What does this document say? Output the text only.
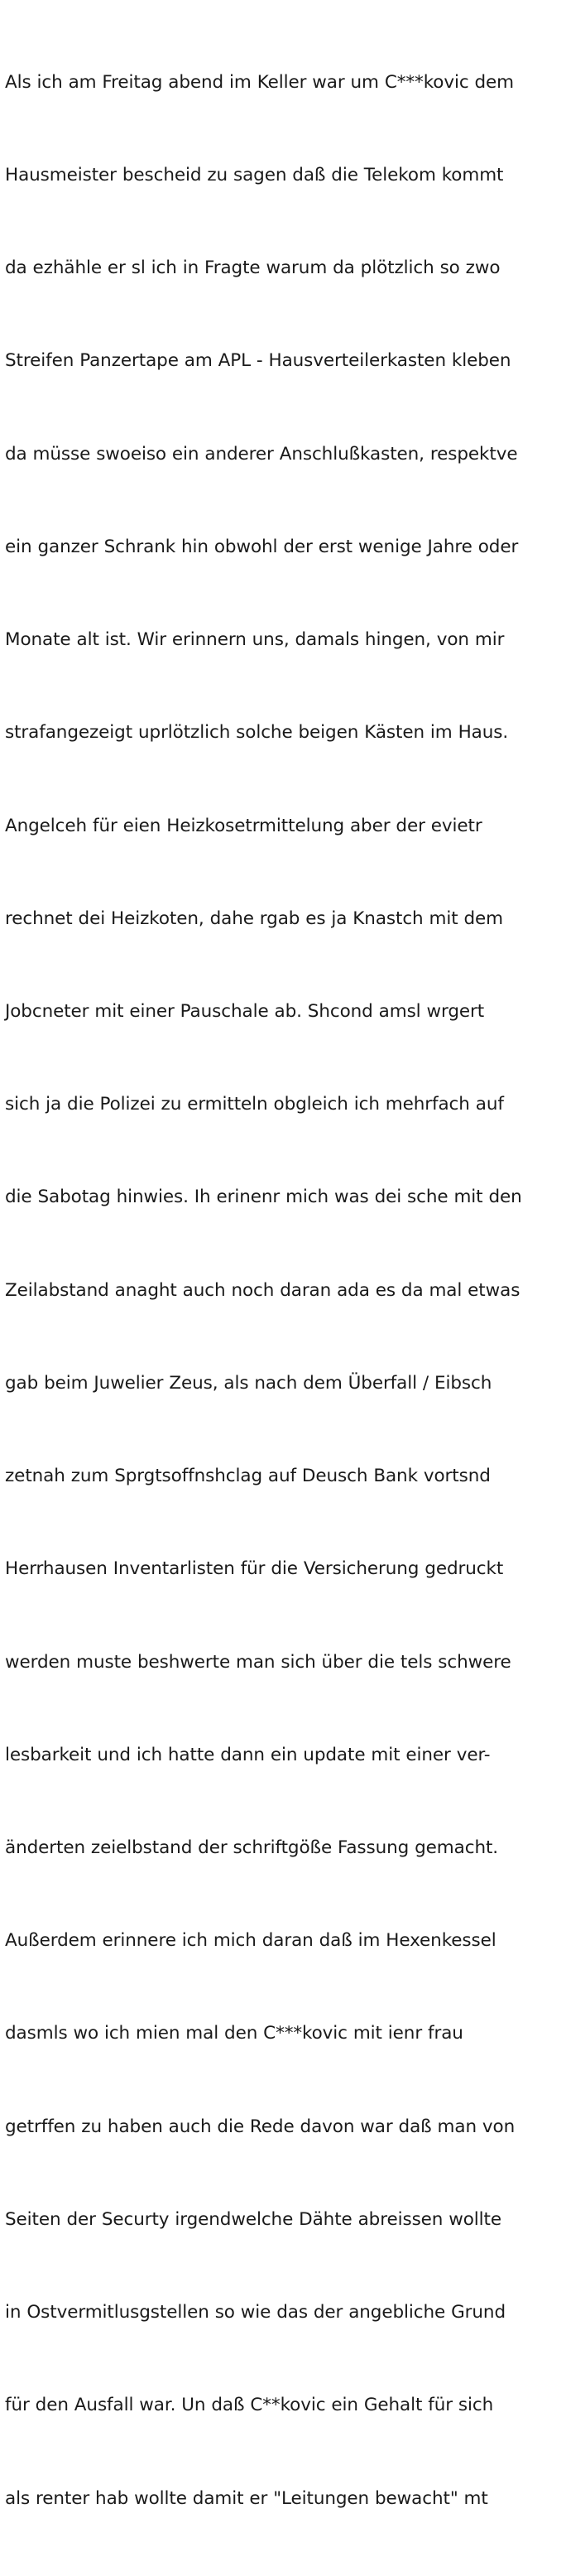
Als ich am Freitag abend im Keller war um C***kovic dem

Hausmeister bescheid zu sagen daß die Telekom kommt

da ezhähle er sl ich in Fragte warum da plötzlich so zwo

Streifen Panzertape am APL - Hausverteilerkasten kleben

da müsse swoeiso ein anderer Anschlußkasten, respektve

ein ganzer Schrank hin obwohl der erst wenige Jahre oder

Monate alt ist. Wir erinnern uns, damals hingen, von mir

strafangezeigt uprlötzlich solche beigen Kästen im Haus.

Angelceh für eien Heizkosetrmittelung aber der evietr

rechnet dei Heizkoten, dahe rgab es ja Knastch mit dem

Jobcneter mit einer Pauschale ab. Shcond amsl wrgert

sich ja die Polizei zu ermitteln obgleich ich mehrfach auf

die Sabotag hinwies. Ih erinenr mich was dei sche mit den

Zeilabstand anaght auch noch daran ada es da mal etwas

gab beim Juwelier Zeus, als nach dem Überfall / Eibsch

zetnah zum Sprgtsoffnshclag auf Deusch Bank vortsnd

Herrhausen Inventarlisten für die Versicherung gedruckt

werden muste beshwerte man sich über die tels schwere

lesbarkeit und ich hatte dann ein update mit einer ver-

änderten zeielbstand der schriftgöße Fassung gemacht.

Außerdem erinnere ich mich daran daß im Hexenkessel

dasmls wo ich mien mal den C***kovic mit ienr frau

getrffen zu haben auch die Rede davon war daß man von

Seiten der Securty irgendwelche Dähte abreissen wollte

in Ostvermitlusgstellen so wie das der angebliche Grund

für den Ausfall war. Un daß C**kovic ein Gehalt für sich

als renter hab wollte damit er "Leitungen bewacht" mt
